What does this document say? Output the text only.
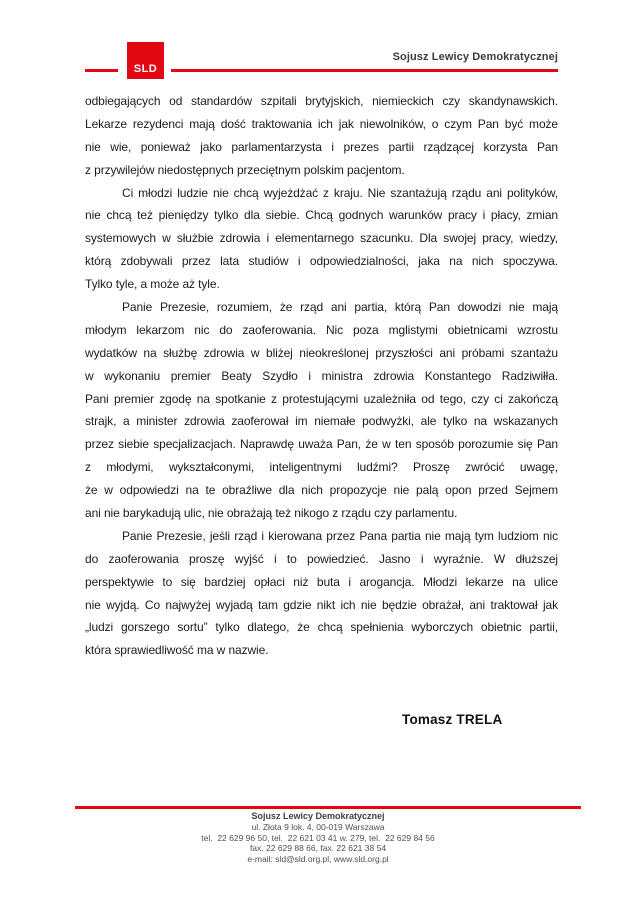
SLD
Sojusz Lewicy Demokratycznej
odbiegających od standardów szpitali brytyjskich, niemieckich czy skandynawskich.
Lekarze rezydenci mają dość traktowania ich jak niewolników, o czym Pan być może
nie wie, ponieważ jako parlamentarzysta i prezes partii rządzącej korzysta Pan
z przywilejów niedostępnych przeciętnym polskim pacjentom.
Ci młodzi ludzie nie chcą wyjeżdżać z kraju. Nie szantażują rządu ani polityków,
nie chcą też pieniędzy tylko dla siebie. Chcą godnych warunków pracy i płacy, zmian
systemowych w służbie zdrowia i elementarnego szacunku. Dla swojej pracy, wiedzy,
którą zdobywali przez lata studiów i odpowiedzialności, jaka na nich spoczywa.
Tylko tyle, a może aż tyle.
Panie Prezesie, rozumiem, że rząd ani partia, którą Pan dowodzi nie mają
młodym lekarzom nic do zaoferowania. Nic poza mglistymi obietnicami wzrostu
wydatków na służbę zdrowia w bliżej nieokreślonej przyszłości ani próbami szantażu
w wykonaniu premier Beaty Szydło i ministra zdrowia Konstantego Radziwiłła.
Pani premier zgodę na spotkanie z protestującymi uzależniła od tego, czy ci zakończą
strajk, a minister zdrowia zaoferował im niemałe podwyżki, ale tylko na wskazanych
przez siebie specjalizacjach. Naprawdę uważa Pan, że w ten sposób porozumie się Pan
z młodymi, wykształconymi, inteligentnymi ludźmi? Proszę zwrócić uwagę,
że w odpowiedzi na te obraźliwe dla nich propozycje nie palą opon przed Sejmem
ani nie barykadują ulic, nie obrażają też nikogo z rządu czy parlamentu.
Panie Prezesie, jeśli rząd i kierowana przez Pana partia nie mają tym ludziom nic
do zaoferowania proszę wyjść i to powiedzieć. Jasno i wyraźnie. W dłuższej
perspektywie to się bardziej opłaci niż buta i arogancja. Młodzi lekarze na ulice
nie wyjdą. Co najwyżej wyjadą tam gdzie nikt ich nie będzie obrażał, ani traktował jak
„ludzi gorszego sortu” tylko dlatego, że chcą spełnienia wyborczych obietnic partii,
która sprawiedliwość ma w nazwie.
Tomasz TRELA
Sojusz Lewicy Demokratycznej
ul. Złota 9 lok. 4, 00-019 Warszawa
tel.  22 629 96 50, tel.  22 621 03 41 w. 279, tel.  22 629 84 56
fax. 22 629 88 66, fax. 22 621 38 54
e-mail: sld@sld.org.pl, www.sld.org.pl
